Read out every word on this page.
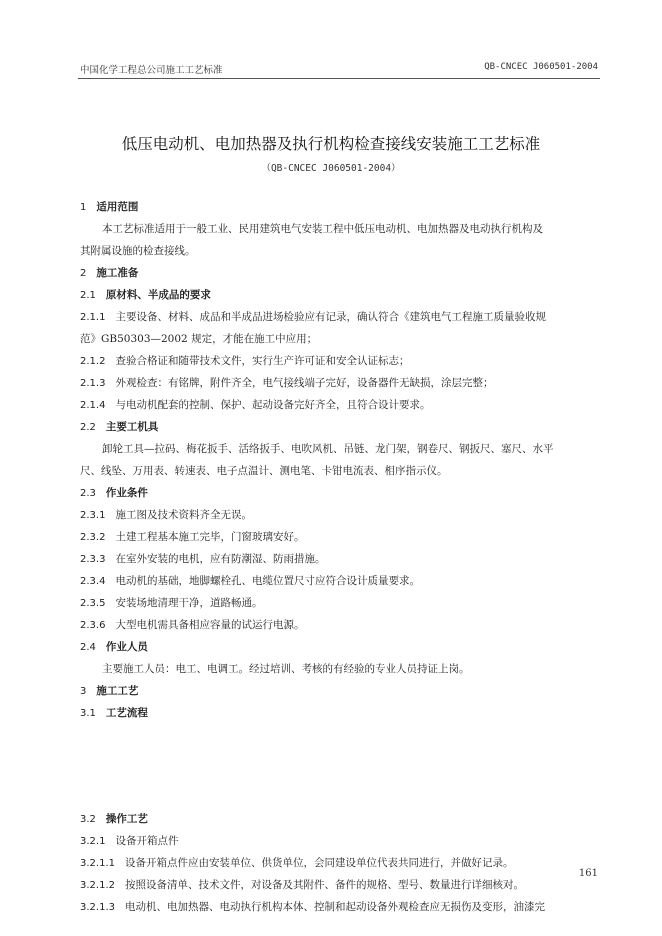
中国化学工程总公司施工工艺标准	QB-CNCEC J060501-2004
低压电动机、电加热器及执行机构检查接线安装施工工艺标准
（QB-CNCEC J060501-2004）
1 适用范围
本工艺标准适用于一般工业、民用建筑电气安装工程中低压电动机、电加热器及电动执行机构及
其附属设施的检查接线。
2 施工准备
2.1 原材料、半成品的要求
2.1.1 主要设备、材料、成品和半成品进场检验应有记录，确认符合《建筑电气工程施工质量验收规
范》GB50303—2002 规定，才能在施工中应用；
2.1.2 查验合格证和随带技术文件，实行生产许可证和安全认证标志；
2.1.3 外观检查：有铭牌，附件齐全，电气接线端子完好，设备器件无缺损，涂层完整；
2.1.4 与电动机配套的控制、保护、起动设备完好齐全，且符合设计要求。
2.2 主要工机具
卸轮工具—拉码、梅花扳手、活络扳手、电吹风机、吊链、龙门架，钢卷尺、钢扳尺、塞尺、水平
尺、线坠、万用表、转速表、电子点温计、测电笔、卡钳电流表、相序指示仪。
2.3 作业条件
2.3.1 施工图及技术资料齐全无误。
2.3.2 土建工程基本施工完毕，门窗玻璃安好。
2.3.3 在室外安装的电机，应有防潮湿、防雨措施。
2.3.4 电动机的基础，地脚螺栓孔、电缆位置尺寸应符合设计质量要求。
2.3.5 安装场地清理干净，道路畅通。
2.3.6 大型电机需具备相应容量的试运行电源。
2.4 作业人员
主要施工人员：电工、电调工。经过培训、考核的有经验的专业人员持证上岗。
3 施工工艺
3.1 工艺流程
3.2 操作工艺
3.2.1 设备开箱点件
3.2.1.1 设备开箱点件应由安装单位、供货单位，会同建设单位代表共同进行，并做好记录。
3.2.1.2 按照设备清单、技术文件，对设备及其附件、备件的规格、型号、数量进行详细核对。
3.2.1.3 电动机、电加热器、电动执行机构本体、控制和起动设备外观检查应无损伤及变形，油漆完
161
